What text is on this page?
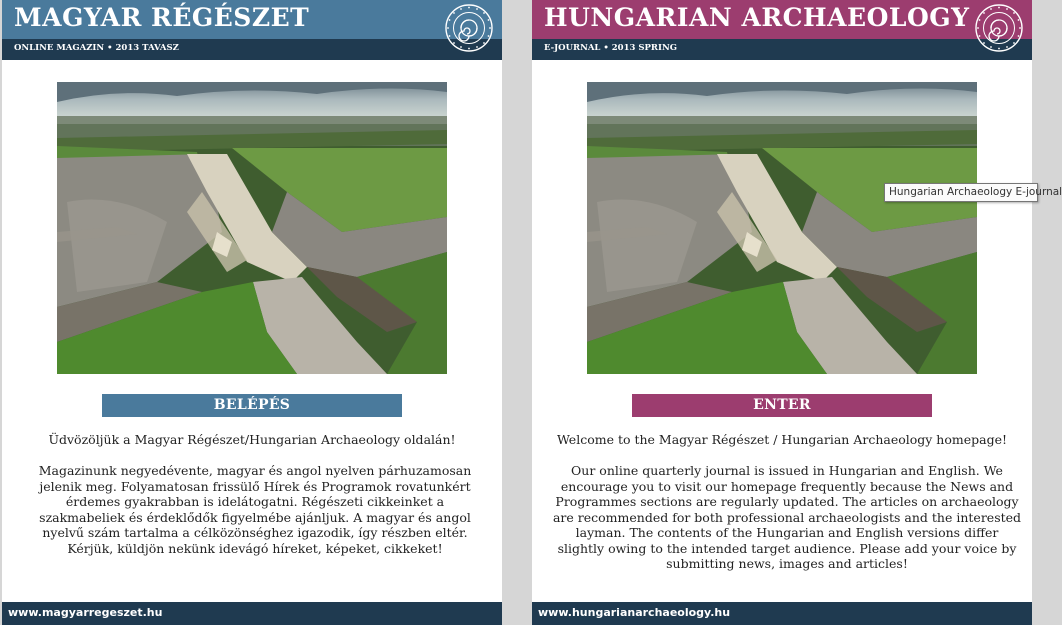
MAGYAR RÉGÉSZET
ONLINE MAGAZIN • 2013 TAVASZ
BELÉPÉS
Üdvözöljük a Magyar Régészet/Hungarian Archaeology oldalán!
Magazinunk negyedévente, magyar és angol nyelven párhuzamosan jelenik meg. Folyamatosan frissülő Hírek és Programok rovatunkért érdemes gyakrabban is idelátogatni. Régészeti cikkeinket a szakmabeliek és érdeklődők figyelmébe ajánljuk. A magyar és angol nyelvű szám tartalma a célközönséghez igazodik, így részben eltér. Kérjük, küldjön nekünk idevágó híreket, képeket, cikkeket!
www.magyarregeszet.hu
HUNGARIAN ARCHAEOLOGY
E-JOURNAL • 2013 SPRING
ENTER
Welcome to the Magyar Régészet / Hungarian Archaeology homepage!
Our online quarterly journal is issued in Hungarian and English. We encourage you to visit our homepage frequently because the News and Programmes sections are regularly updated. The articles on archaeology are recommended for both professional archaeologists and the interested layman. The contents of the Hungarian and English versions differ slightly owing to the intended target audience. Please add your voice by submitting news, images and articles!
www.hungarianarchaeology.hu
Hungarian Archaeology E-journal
